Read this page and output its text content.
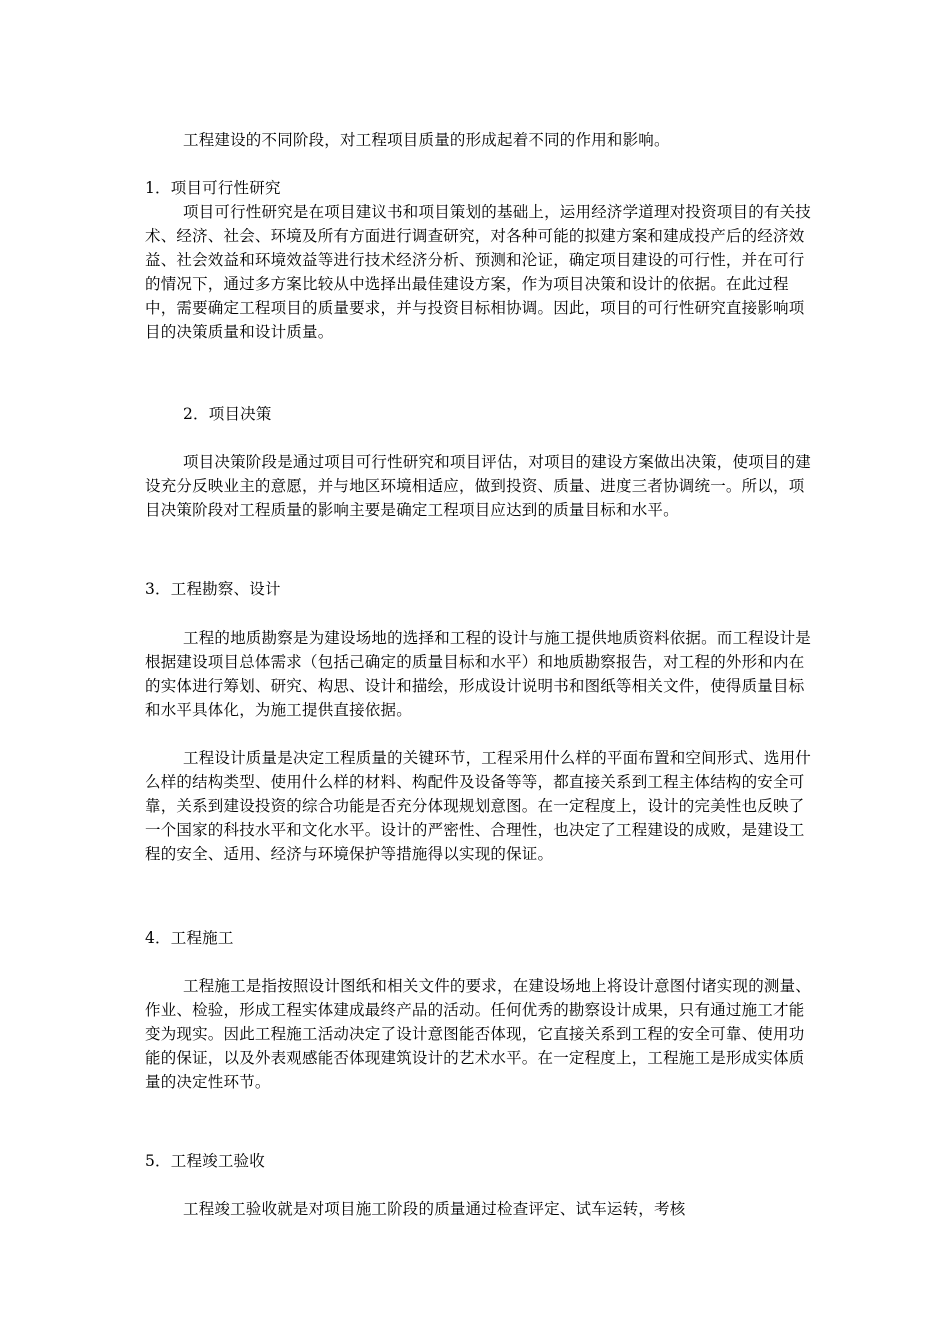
工程建设的不同阶段，对工程项目质量的形成起着不同的作用和影响。

1．项目可行性研究

项目可行性研究是在项目建议书和项目策划的基础上，运用经济学道理对投资项目的有关技术、经济、社会、环境及所有方面进行调查研究，对各种可能的拟建方案和建成投产后的经济效益、社会效益和环境效益等进行技术经济分析、预测和沦证，确定项目建设的可行性，并在可行的情况下，通过多方案比较从中选择出最佳建设方案，作为项目决策和设计的依据。在此过程中，需要确定工程项目的质量要求，并与投资目标相协调。因此，项目的可行性研究直接影响项目的决策质量和设计质量。

2．项目决策

项目决策阶段是通过项目可行性研究和项目评估，对项目的建设方案做出决策，使项目的建设充分反映业主的意愿，并与地区环境相适应，做到投资、质量、进度三者协调统一。所以，项目决策阶段对工程质量的影响主要是确定工程项目应达到的质量目标和水平。

3．工程勘察、设计

工程的地质勘察是为建设场地的选择和工程的设计与施工提供地质资料依据。而工程设计是根据建设项目总体需求（包括己确定的质量目标和水平）和地质勘察报告，对工程的外形和内在的实体进行筹划、研究、构思、设计和描绘，形成设计说明书和图纸等相关文件，使得质量目标和水平具体化，为施工提供直接依据。

工程设计质量是决定工程质量的关键环节，工程采用什么样的平面布置和空间形式、选用什么样的结构类型、使用什么样的材料、构配件及设备等等，都直接关系到工程主体结构的安全可靠，关系到建设投资的综合功能是否充分体现规划意图。在一定程度上，设计的完美性也反映了一个国家的科技水平和文化水平。设计的严密性、合理性，也决定了工程建设的成败，是建设工程的安全、适用、经济与环境保护等措施得以实现的保证。

4．工程施工

工程施工是指按照设计图纸和相关文件的要求，在建设场地上将设计意图付诸实现的测量、作业、检验，形成工程实体建成最终产品的活动。任何优秀的勘察设计成果，只有通过施工才能变为现实。因此工程施工活动决定了设计意图能否体现，它直接关系到工程的安全可靠、使用功能的保证，以及外表观感能否体现建筑设计的艺术水平。在一定程度上，工程施工是形成实体质量的决定性环节。

5．工程竣工验收

工程竣工验收就是对项目施工阶段的质量通过检查评定、试车运转，考核
